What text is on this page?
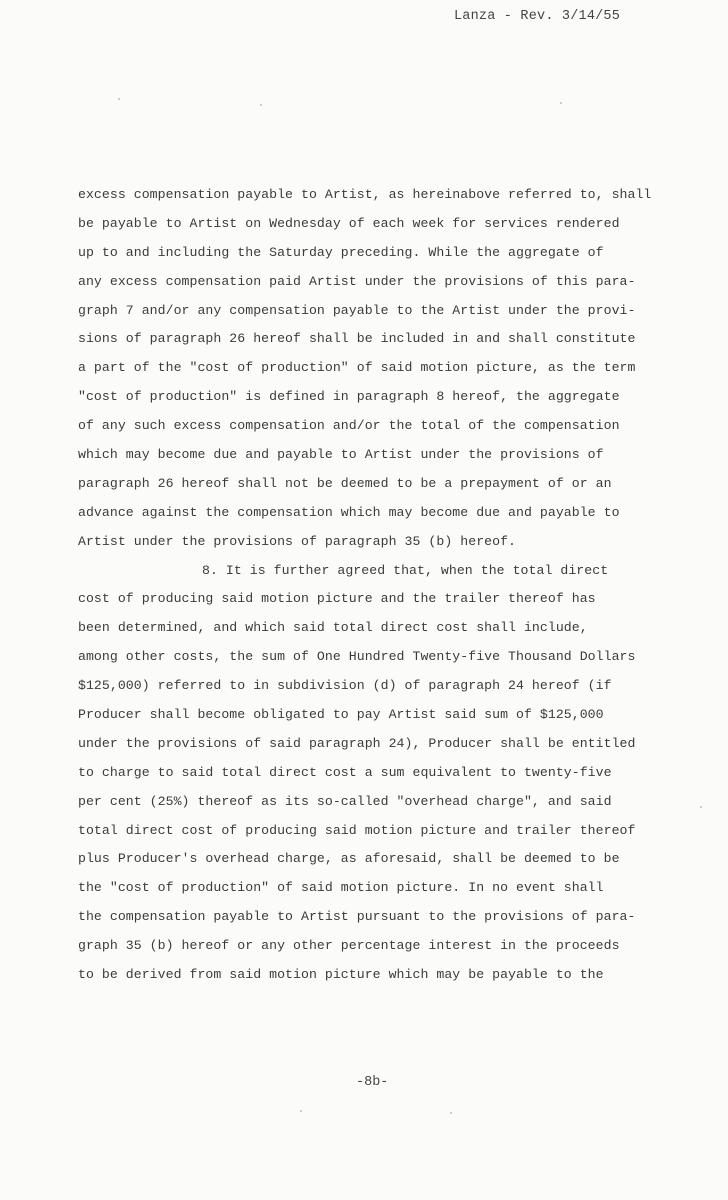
Lanza - Rev. 3/14/55
excess compensation payable to Artist, as hereinabove referred to, shall
be payable to Artist on Wednesday of each week for services rendered
up to and including the Saturday preceding. While the aggregate of
any excess compensation paid Artist under the provisions of this para-
graph 7 and/or any compensation payable to the Artist under the provi-
sions of paragraph 26 hereof shall be included in and shall constitute
a part of the "cost of production" of said motion picture, as the term
"cost of production" is defined in paragraph 8 hereof, the aggregate
of any such excess compensation and/or the total of the compensation
which may become due and payable to Artist under the provisions of
paragraph 26 hereof shall not be deemed to be a prepayment of or an
advance against the compensation which may become due and payable to
Artist under the provisions of paragraph 35 (b) hereof.
8. It is further agreed that, when the total direct
cost of producing said motion picture and the trailer thereof has
been determined, and which said total direct cost shall include,
among other costs, the sum of One Hundred Twenty-five Thousand Dollars
$125,000) referred to in subdivision (d) of paragraph 24 hereof (if
Producer shall become obligated to pay Artist said sum of $125,000
under the provisions of said paragraph 24), Producer shall be entitled
to charge to said total direct cost a sum equivalent to twenty-five
per cent (25%) thereof as its so-called "overhead charge", and said
total direct cost of producing said motion picture and trailer thereof
plus Producer's overhead charge, as aforesaid, shall be deemed to be
the "cost of production" of said motion picture. In no event shall
the compensation payable to Artist pursuant to the provisions of para-
graph 35 (b) hereof or any other percentage interest in the proceeds
to be derived from said motion picture which may be payable to the
-8b-
